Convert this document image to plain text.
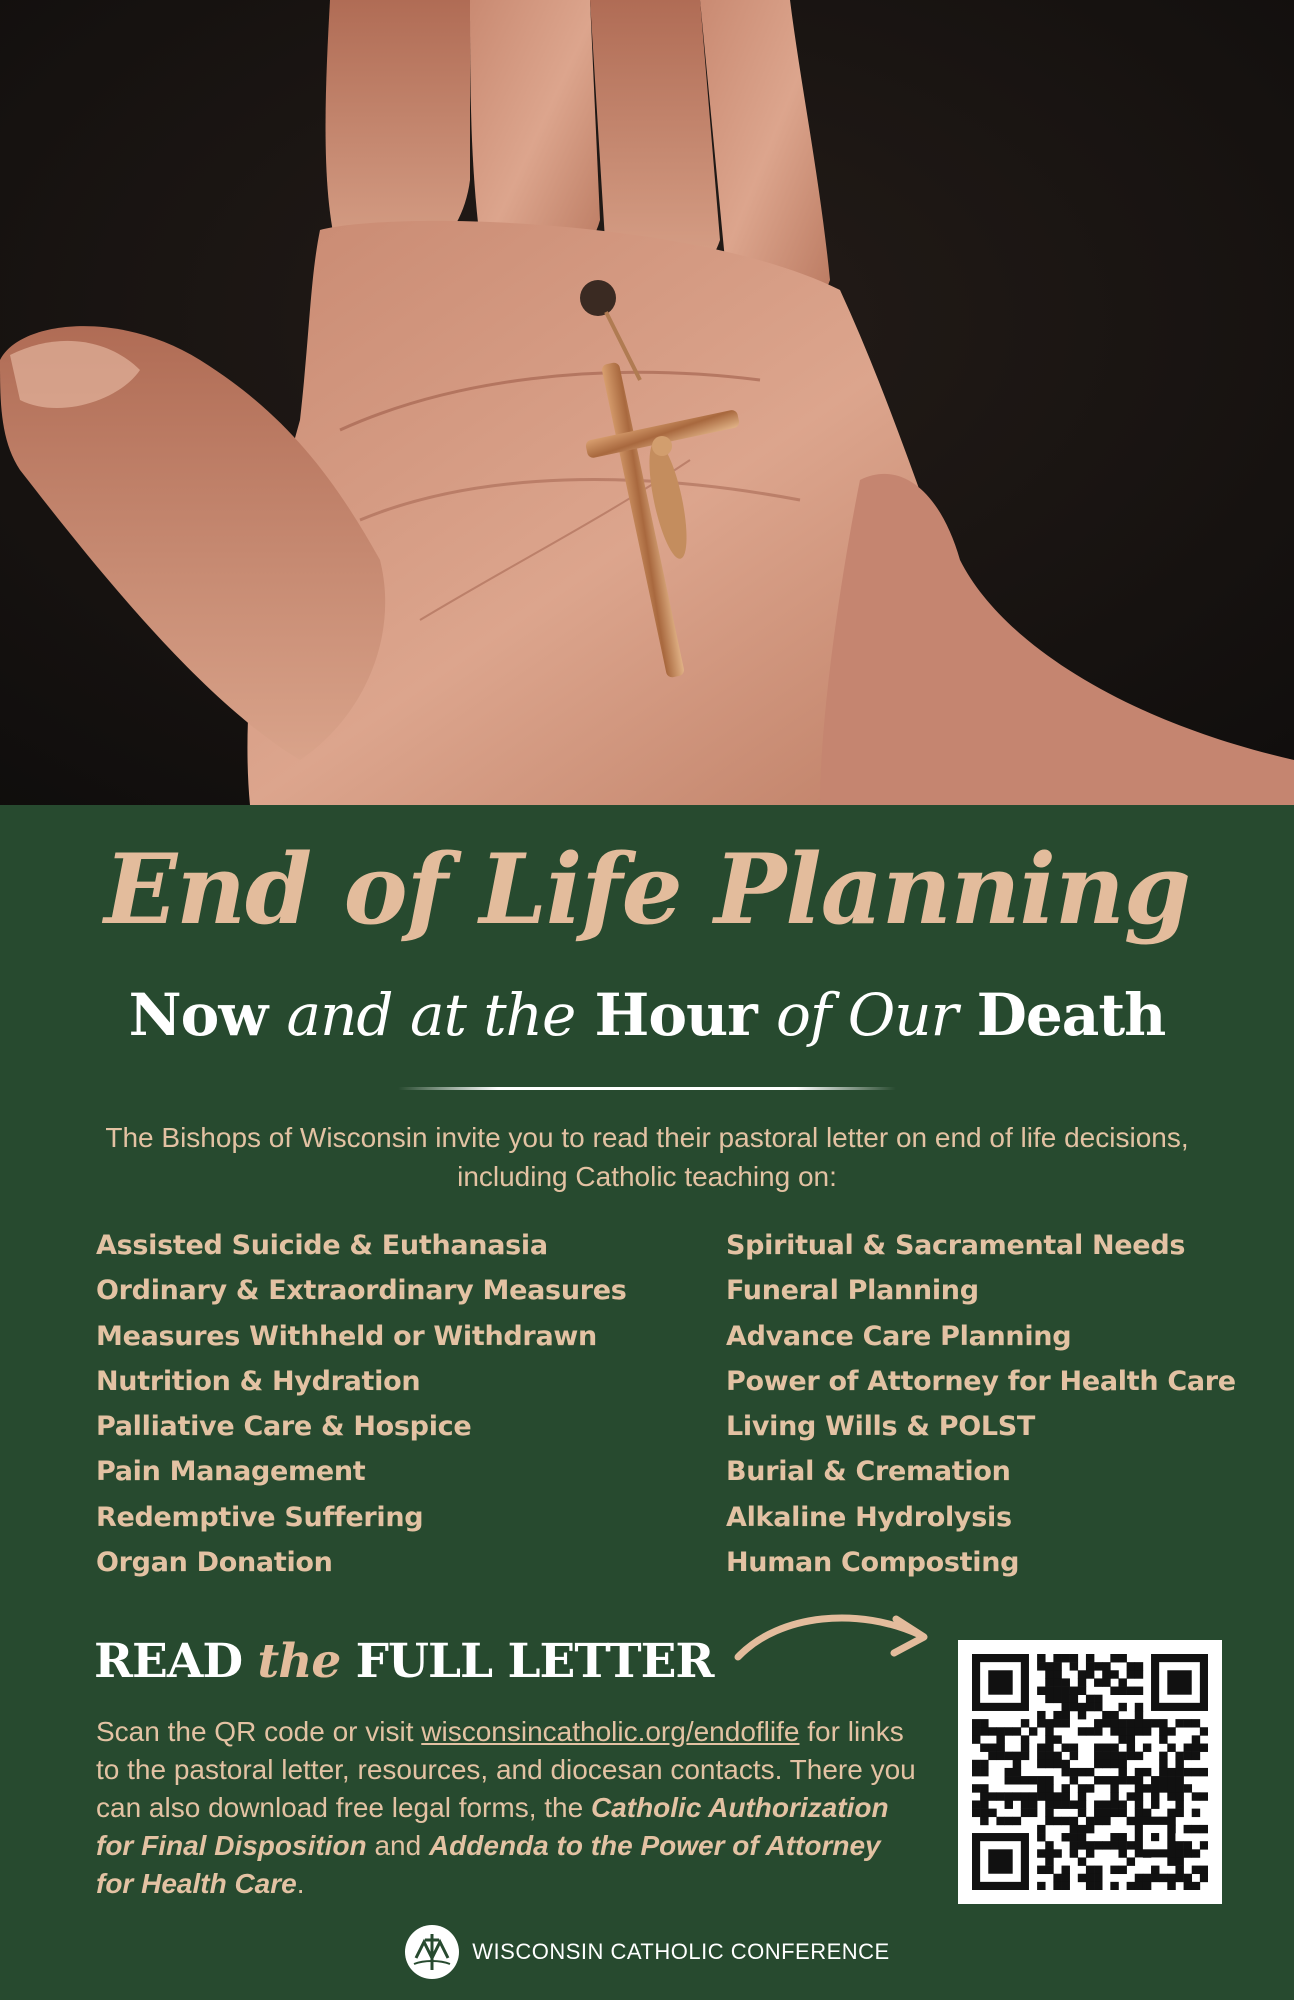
End of Life Planning
Now and at the Hour of Our Death

The Bishops of Wisconsin invite you to read their pastoral letter on end of life decisions, including Catholic teaching on:

Assisted Suicide & Euthanasia
Ordinary & Extraordinary Measures
Measures Withheld or Withdrawn
Nutrition & Hydration
Palliative Care & Hospice
Pain Management
Redemptive Suffering
Organ Donation
Spiritual & Sacramental Needs
Funeral Planning
Advance Care Planning
Power of Attorney for Health Care
Living Wills & POLST
Burial & Cremation
Alkaline Hydrolysis
Human Composting
READ the FULL LETTER

Scan the QR code or visit wisconsincatholic.org/endoflife for links to the pastoral letter, resources, and diocesan contacts. There you can also download free legal forms, the Catholic Authorization for Final Disposition and Addenda to the Power of Attorney for Health Care.

WISCONSIN CATHOLIC CONFERENCE
